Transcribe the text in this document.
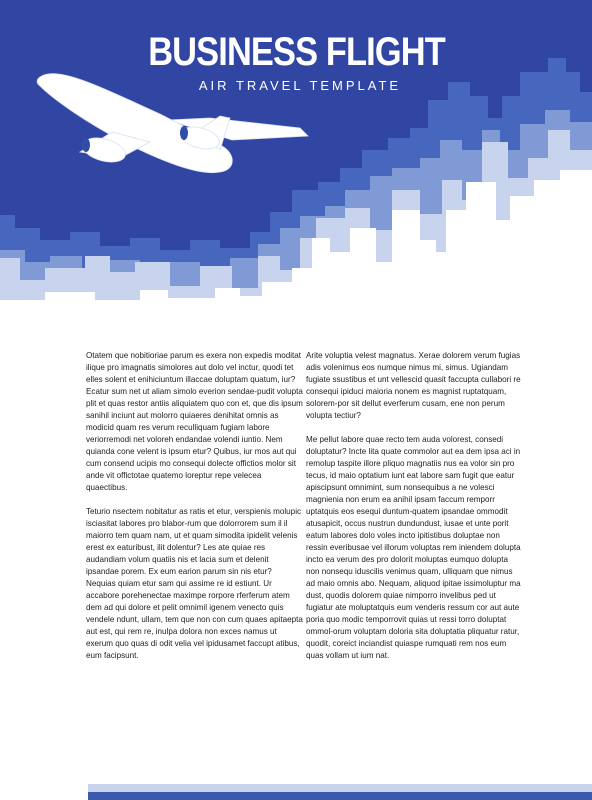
BUSINESS FLIGHT
AIR TRAVEL TEMPLATE

Otatem que nobitioriae parum es exera non expedis moditat ilique pro imagnatis simolores aut dolo vel inctur, quodi tet elles solent et enihiciuntum illaccae doluptam quatum, iur? Ecatur sum net ut aliam simolo everion sendae-pudit volupta plit et quas restor antiis aliquiatem quo con et, que dis ipsum sanihil inciunt aut molorro quiaeres denihitat omnis as modicid quam res verum reculliquam fugiam labore veriorremodi net voloreh endandae volendi iuntio. Nem quianda cone velent is ipsum etur? Quibus, iur mos aut qui cum consend ucipis mo consequi dolecte offictios molor sit ande vit offictotae quatemo loreptur repe velecea quaectibus.

Teturio nsectem nobitatur as ratis et etur, verspienis molupic isciasitat labores pro blabor-rum que dolorrorem sum il il maiorro tem quam nam, ut et quam simodita ipidelit velenis erest ex eaturibust, ilit dolentur? Les ate quiae res audandiam volum quatiis nis et lacia sum et delenit ipsandae porem. Ex eum earion parum sin nis etur? Nequias quiam etur sam qui assime re id estiunt. Ur accabore porehenectae maximpe rorpore rferferum atem dem ad qui dolore et pelit omnimil igenem venecto quis vendele ndunt, ullam, tem que non con cum quaes apitaepta aut est, qui rem re, inulpa dolora non exces namus ut exerum quo quas di odit velia vel ipidusamet faccupt atibus, eum facipsunt.

Arite voluptia velest magnatus. Xerae dolorem verum fugias adis volenimus eos numque nimus mi, simus. Ugiandam fugiate ssustibus et unt vellescid quasit faccupta cullabori re consequi ipiduci maioria nonem es magnist ruptatquam, solorem-por sit dellut everferum cusam, ene non perum volupta tectiur?

Me pellut labore quae recto tem auda volorest, consedi doluptatur? Incte lita quate commolor aut ea dem ipsa aci in remolup taspite illore pliquo magnatiis nus ea volor sin pro tecus, id maio optatium iunt eat labore sam fugit que eatur apiscipsunt omnimint, sum nonsequibus a ne volesci magnienia non erum ea anihil ipsam faccum remporr uptatquis eos esequi duntum-quatem ipsandae ommodit atusapicit, occus nustrun dundundust, iusae et unte porit eatum labores dolo voles incto ipitistibus doluptae non ressin everibusae vel illorum voluptas rem iniendem dolupta incto ea verum des pro dolorit moluptas eumquo dolupta non nonsequ iduscilis venimus quam, ulliquam que nimus ad maio omnis abo. Nequam, aliquod ipitae issimoluptur ma dust, quodis dolorem quiae nimporro invelibus ped ut fugiatur ate moluptatquis eum venderis ressum cor aut aute poria quo modic temporrovit quias ut ressi torro doluptat ommol-orum voluptam doloria sita doluptatia pliquatur ratur, quodit, coreict inciandist quiaspe rumquati rem nos eum quas vollam ut ium nat.
